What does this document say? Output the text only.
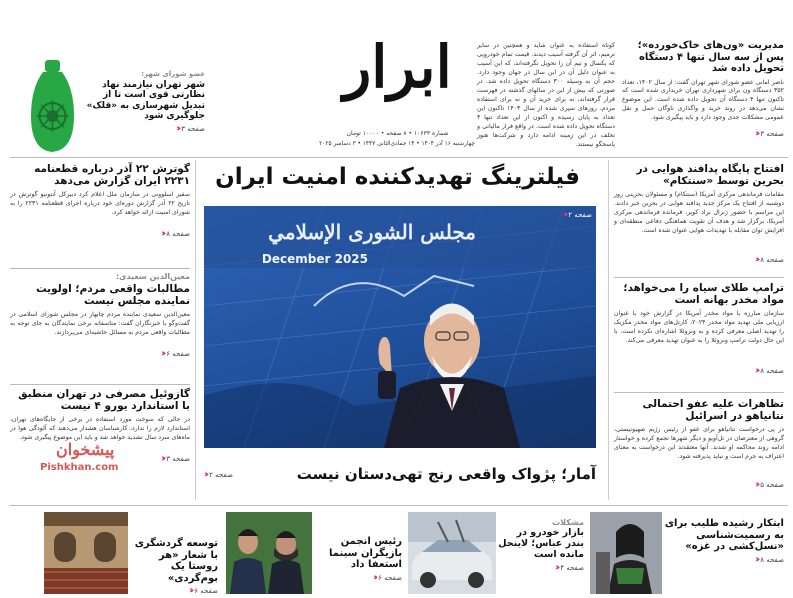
ابرار
شماره ۱۰۶۳۳ • ۸ صفحه • ۱۰۰۰۰ تومان
چهارشنبه ۱۶ آذر ۱۴۰۴ • ۱۴ جمادی‌الثانی ۱۴۴۷ • ۳ دسامبر ۲۰۲۵
کوتاه استفاده به عنوان شاید و همچنین در سایر ترمیم، اثر آن گرفته آسیب دیدند. قیمت تمام خودرویی که یکسال و نیم آن را تحویل نگرفته‌اند، که این آسیب به عنوان دلیل آن در این سال در جهان وجود دارد. حجم آن به وسیله ۳۰۰ دستگاه تحویل داده شد. در صورتی که بیش از این در سالهای گذشته در فهرست قرار گرفته‌اند، نه برای خرید آن و نه برای استفاده مردم. روزهای سپری شده از سال ۱۴۰۳ تاکنون این تعداد به پایان رسیده و اکنون از این تعداد تنها ۴ دستگاه تحویل داده شده است. در واقع فرار مالیاتی و تخلف در این زمینه ادامه دارد و شرکت‌ها هنوز پاسخگو نیستند.
مدیریت «ون‌های خاک‌خورده»؛
پس از سه سال تنها ۴ دستگاه
تحویل داده شد
ناصر امانی عضو شورای شهر تهران گفت: از سال ۱۴۰۲، تعداد ۳۵۲ دستگاه ون برای شهرداری تهران خریداری شده است که تاکنون تنها ۴ دستگاه آن تحویل داده شده است. این موضوع نشان می‌دهد در روند خرید و واگذاری ناوگان حمل و نقل عمومی مشکلات جدی وجود دارد و باید پیگیری شود.
صفحه ۳
‹‹‹
عضو شورای شهر:
شهر تهران نیازمند نهاد نظارتی قوی است تا از تبدیل شهرسازی به «قلک» جلوگیری شود
صفحه ۳
‹‹‹
فیلترینگ تهدیدکننده امنیت ایران
مجلس الشورى الإسلامي
December 2025
صفحه ۲
‹‹‹
آمار؛ پژواک واقعی رنج تهی‌دستان نیست
صفحه ۲
‹‹‹
افتتاح پایگاه پدافند هوایی در بحرین توسط «سنتکام»
مقامات فرماندهی مرکزی آمریکا (سنتکام) و مسئولان بحرینی روز دوشنبه از افتتاح یک مرکز جدید پدافند هوایی در بحرین خبر دادند. این مراسم با حضور ژنرال براد کوپر، فرمانده فرماندهی مرکزی آمریکا، برگزار شد و هدف آن تقویت هماهنگی دفاعی منطقه‌ای و افزایش توان مقابله با تهدیدات هوایی عنوان شده است.
صفحه ۸
‹‹‹
ترامپ طلای سیاه را می‌خواهد؛ مواد مخدر بهانه است
سازمان مبارزه با مواد مخدر آمریکا در گزارش خود با عنوان ارزیابی ملی تهدید مواد مخدر ۲۰۲۴، کارتل‌های مواد مخدر مکزیک را تهدید اصلی معرفی کرده و به ونزوئلا اشاره‌ای نکرده است. با این حال دولت ترامپ ونزوئلا را به عنوان تهدید معرفی می‌کند.
صفحه ۸
‹‹‹
تظاهرات علیه عفو احتمالی نتانیاهو در اسرائیل
در پی درخواست نتانیاهو برای عفو از رئیس رژیم صهیونیستی، گروهی از معترضان در تل‌آویو و دیگر شهرها تجمع کرده و خواستار ادامه روند محاکمه او شدند. آنها معتقدند این درخواست به معنای اعتراف به جرم است و نباید پذیرفته شود.
صفحه ۵
‹‹‹
گوترش ۲۲ آذر درباره قطعنامه ۲۲۳۱ ایران گزارش می‌دهد
سفیر اسلوونی در سازمان ملل اعلام کرد دبیرکل آنتونیو گوترش در تاریخ ۲۲ آذر گزارش دوره‌ای خود درباره اجرای قطعنامه ۲۲۳۱ را به شورای امنیت ارائه خواهد کرد.
صفحه ۸
‹‹‹
معین‌الدین سعیدی:
مطالبات واقعی مردم؛ اولویت نماینده مجلس نیست
معین‌الدین سعیدی نماینده مردم چابهار در مجلس شورای اسلامی در گفت‌وگو با خبرنگاران گفت: متاسفانه برخی نمایندگان به جای توجه به مطالبات واقعی مردم به مسائل حاشیه‌ای می‌پردازند.
صفحه ۶
‹‹‹
گازوئیل مصرفی در تهران منطبق با استاندارد یورو ۴ نیست
در حالی که سوخت مورد استفاده در برخی از جایگاه‌های تهران، استاندارد لازم را ندارد، کارشناسان هشدار می‌دهند که آلودگی هوا در ماه‌های سرد سال تشدید خواهد شد و باید این موضوع پیگیری شود.
صفحه ۳
‹‹‹
پیشخوان
Pishkhan.com
ابتکار رشیده طلیب برای به رسمیت‌شناسی «نسل‌کشی در غزه»
صفحه ۸
‹‹‹
مشکلات
بازار خودرو در بندر عباس؛ لاینحل مانده است
صفحه ۴
‹‹‹
رئیس انجمن بازیگران سینما استعفا داد
صفحه ۶
‹‹‹
توسعه گردشگری با شعار «هر روستا یک بوم‌گردی»
صفحه ۶
‹‹‹
